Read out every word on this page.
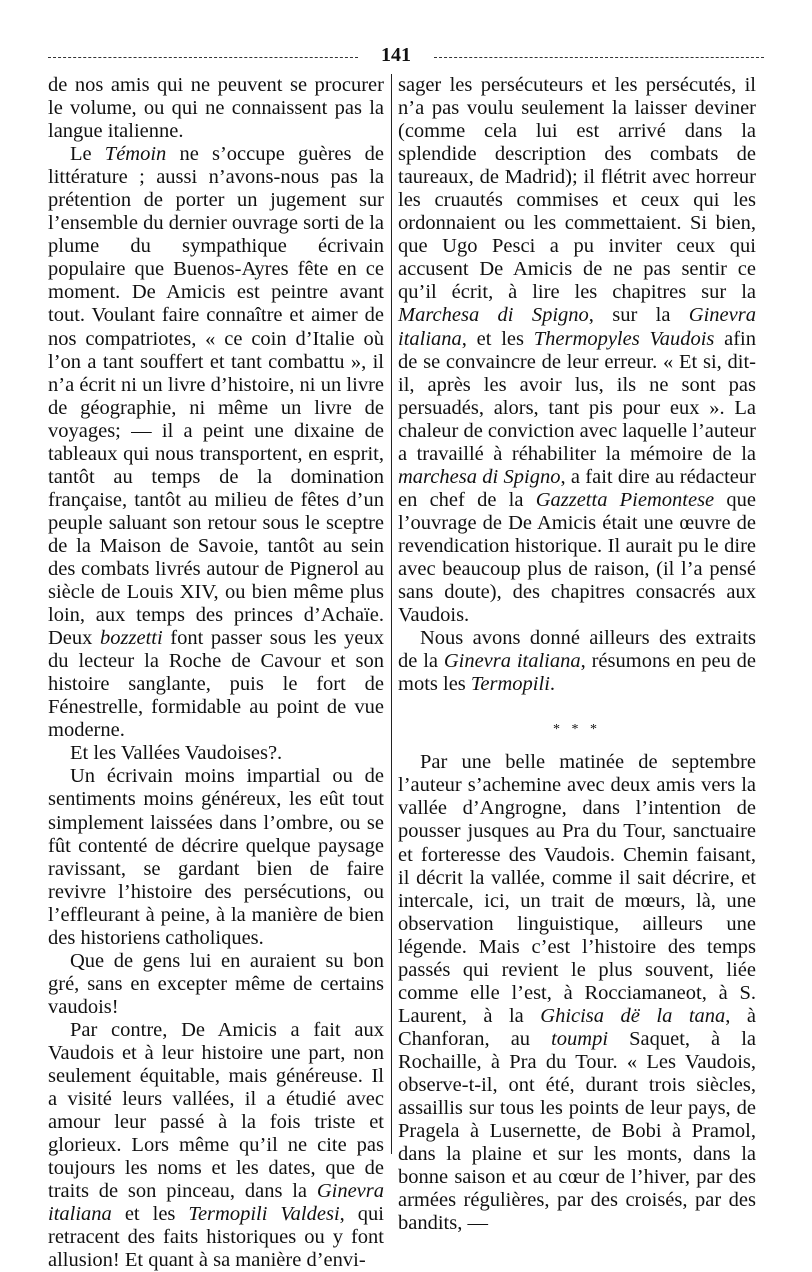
141

de nos amis qui ne peuvent se procurer le volume, ou qui ne connaissent pas la langue italienne.

Le Témoin ne s’occupe guères de littérature ; aussi n’avons-nous pas la prétention de porter un jugement sur l’ensemble du dernier ouvrage sorti de la plume du sympathique écrivain populaire que Buenos-Ayres fête en ce moment. De Amicis est peintre avant tout. Voulant faire connaître et aimer de nos compatriotes, « ce coin d’Italie où l’on a tant souffert et tant combattu », il n’a écrit ni un livre d’histoire, ni un livre de géographie, ni même un livre de voyages; — il a peint une dixaine de tableaux qui nous transportent, en esprit, tantôt au temps de la domination française, tantôt au milieu de fêtes d’un peuple saluant son retour sous le sceptre de la Maison de Savoie, tantôt au sein des combats livrés autour de Pignerol au siècle de Louis XIV, ou bien même plus loin, aux temps des princes d’Achaïe. Deux bozzetti font passer sous les yeux du lecteur la Roche de Cavour et son histoire sanglante, puis le fort de Fénestrelle, formidable au point de vue moderne.

Et les Vallées Vaudoises?.

Un écrivain moins impartial ou de sentiments moins généreux, les eût tout simplement laissées dans l’ombre, ou se fût contenté de décrire quelque paysage ravissant, se gardant bien de faire revivre l’histoire des persécutions, ou l’effleurant à peine, à la manière de bien des historiens catholiques.

Que de gens lui en auraient su bon gré, sans en excepter même de certains vaudois!

Par contre, De Amicis a fait aux Vaudois et à leur histoire une part, non seulement équitable, mais généreuse. Il a visité leurs vallées, il a étudié avec amour leur passé à la fois triste et glorieux. Lors même qu’il ne cite pas toujours les noms et les dates, que de traits de son pinceau, dans la Ginevra italiana et les Termopili Valdesi, qui retracent des faits historiques ou y font allusion! Et quant à sa manière d’envi-

sager les persécuteurs et les persécutés, il n’a pas voulu seulement la laisser deviner (comme cela lui est arrivé dans la splendide description des combats de taureaux, de Madrid); il flétrit avec horreur les cruautés commises et ceux qui les ordonnaient ou les commettaient. Si bien, que Ugo Pesci a pu inviter ceux qui accusent De Amicis de ne pas sentir ce qu’il écrit, à lire les chapitres sur la Marchesa di Spigno, sur la Ginevra italiana, et les Thermopyles Vaudois afin de se convaincre de leur erreur. « Et si, dit-il, après les avoir lus, ils ne sont pas persuadés, alors, tant pis pour eux ». La chaleur de conviction avec laquelle l’auteur a travaillé à réhabiliter la mémoire de la marchesa di Spigno, a fait dire au rédacteur en chef de la Gazzetta Piemontese que l’ouvrage de De Amicis était une œuvre de revendication historique. Il aurait pu le dire avec beaucoup plus de raison, (il l’a pensé sans doute), des chapitres consacrés aux Vaudois.

Nous avons donné ailleurs des extraits de la Ginevra italiana, résumons en peu de mots les Termopili.

* * *

Par une belle matinée de septembre l’auteur s’achemine avec deux amis vers la vallée d’Angrogne, dans l’intention de pousser jusques au Pra du Tour, sanctuaire et forteresse des Vaudois. Chemin faisant, il décrit la vallée, comme il sait décrire, et intercale, ici, un trait de mœurs, là, une observation linguistique, ailleurs une légende. Mais c’est l’histoire des temps passés qui revient le plus souvent, liée comme elle l’est, à Rocciamaneot, à S. Laurent, à la Ghicisa dë la tana, à Chanforan, au toumpi Saquet, à la Rochaille, à Pra du Tour. « Les Vaudois, observe-t-il, ont été, durant trois siècles, assaillis sur tous les points de leur pays, de Pragela à Lusernette, de Bobi à Pramol, dans la plaine et sur les monts, dans la bonne saison et au cœur de l’hiver, par des armées régulières, par des croisés, par des bandits, —
